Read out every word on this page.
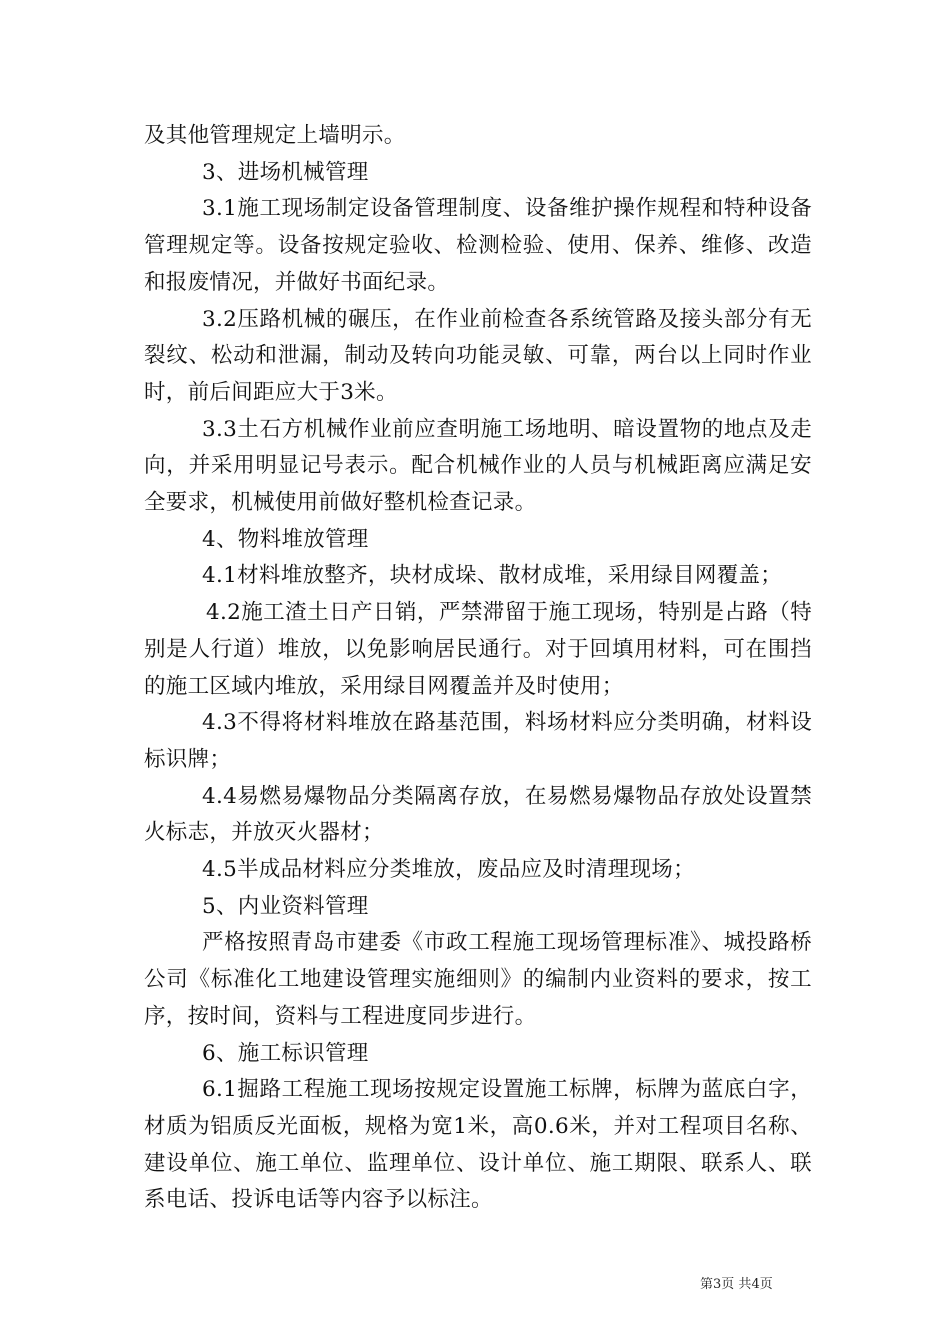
及其他管理规定上墙明示。

3、进场机械管理

3.1施工现场制定设备管理制度、设备维护操作规程和特种设备管理规定等。设备按规定验收、检测检验、使用、保养、维修、改造和报废情况，并做好书面纪录。

3.2压路机械的碾压，在作业前检查各系统管路及接头部分有无裂纹、松动和泄漏，制动及转向功能灵敏、可靠，两台以上同时作业时，前后间距应大于3米。

3.3土石方机械作业前应查明施工场地明、暗设置物的地点及走向，并采用明显记号表示。配合机械作业的人员与机械距离应满足安全要求，机械使用前做好整机检查记录。

4、物料堆放管理

4.1材料堆放整齐，块材成垛、散材成堆，采用绿目网覆盖；

4.2施工渣土日产日销，严禁滞留于施工现场，特别是占路（特别是人行道）堆放，以免影响居民通行。对于回填用材料，可在围挡的施工区域内堆放，采用绿目网覆盖并及时使用；

4.3不得将材料堆放在路基范围，料场材料应分类明确，材料设标识牌；

4.4易燃易爆物品分类隔离存放，在易燃易爆物品存放处设置禁火标志，并放灭火器材；

4.5半成品材料应分类堆放，废品应及时清理现场；

5、内业资料管理

严格按照青岛市建委《市政工程施工现场管理标准》、城投路桥公司《标准化工地建设管理实施细则》的编制内业资料的要求，按工序，按时间，资料与工程进度同步进行。

6、施工标识管理

6.1掘路工程施工现场按规定设置施工标牌，标牌为蓝底白字，材质为铝质反光面板，规格为宽1米，高0.6米，并对工程项目名称、建设单位、施工单位、监理单位、设计单位、施工期限、联系人、联系电话、投诉电话等内容予以标注。

第3页 共4页
